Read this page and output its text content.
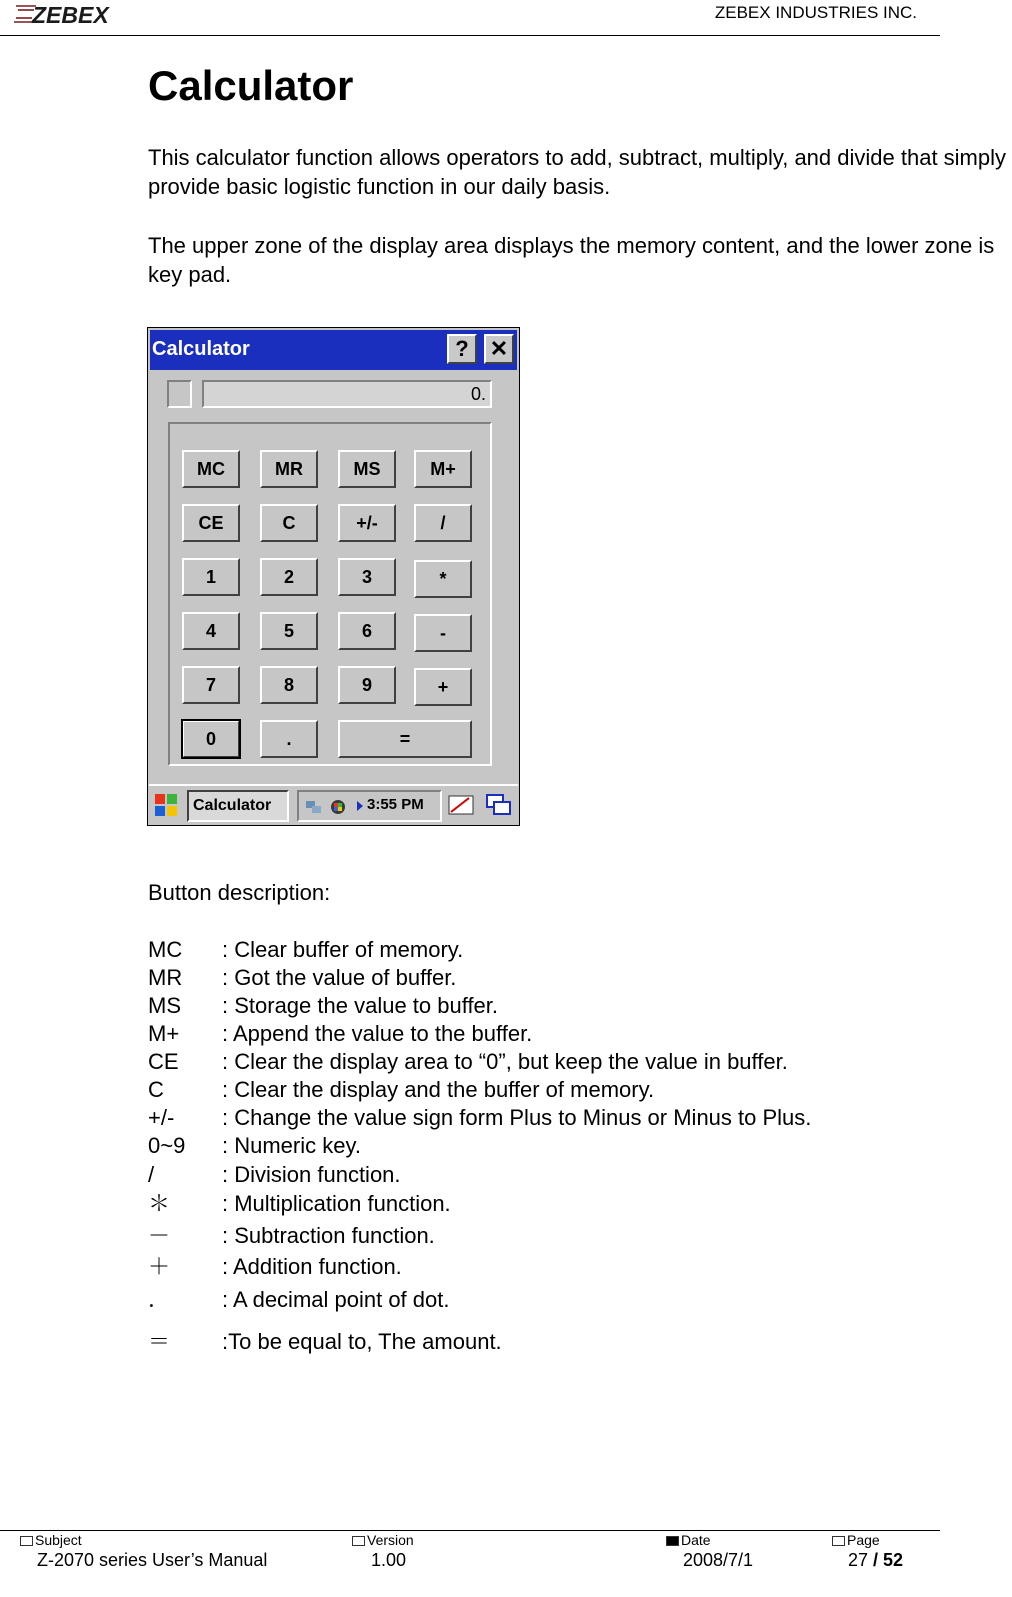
ZEBEX	ZEBEX INDUSTRIES INC.
Calculator

This calculator function allows operators to add, subtract, multiply, and divide that simply provide basic logistic function in our daily basis.

The upper zone of the display area displays the memory content, and the lower zone is key pad.

Calculator	? ✕
0.
MC	MR	MS	M+
CE	C	+/-	/
1	2	3	*
4	5	6	-
7	8	9	+
0	.	=
Calculator	3:55 PM

Button description:

MC	: Clear buffer of memory.
MR	: Got the value of buffer.
MS	: Storage the value to buffer.
M+	: Append the value to the buffer.
CE	: Clear the display area to “0”, but keep the value in buffer.
C	: Clear the display and the buffer of memory.
+/-	: Change the value sign form Plus to Minus or Minus to Plus.
0~9	: Numeric key.
/	: Division function.
＊	: Multiplication function.
－	: Subtraction function.
＋	: Addition function.
．	: A decimal point of dot.
＝	:To be equal to, The amount.
Subject
Z-2070 series User’s Manual
Version
1.00
Date
2008/7/1
Page
27 / 52
